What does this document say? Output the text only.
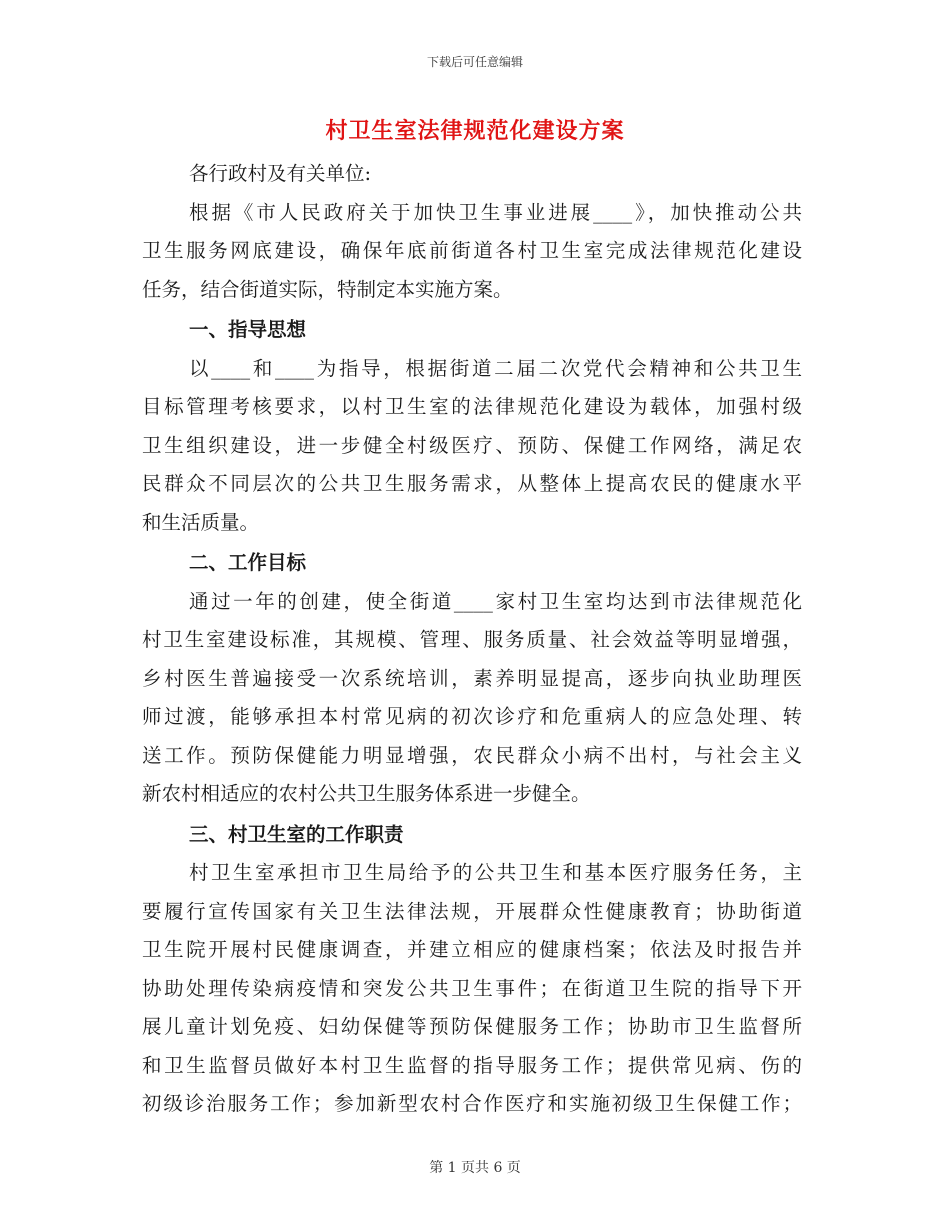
下载后可任意编辑
村卫生室法律规范化建设方案
各行政村及有关单位:
根据《市人民政府关于加快卫生事业进展____》，加快推动公共
卫生服务网底建设，确保年底前街道各村卫生室完成法律规范化建设
任务，结合街道实际，特制定本实施方案。
一、指导思想
以____和____为指导，根据街道二届二次党代会精神和公共卫生
目标管理考核要求，以村卫生室的法律规范化建设为载体，加强村级
卫生组织建设，进一步健全村级医疗、预防、保健工作网络，满足农
民群众不同层次的公共卫生服务需求，从整体上提高农民的健康水平
和生活质量。
二、工作目标
通过一年的创建，使全街道____家村卫生室均达到市法律规范化
村卫生室建设标准，其规模、管理、服务质量、社会效益等明显增强，
乡村医生普遍接受一次系统培训，素养明显提高，逐步向执业助理医
师过渡，能够承担本村常见病的初次诊疗和危重病人的应急处理、转
送工作。预防保健能力明显增强，农民群众小病不出村，与社会主义
新农村相适应的农村公共卫生服务体系进一步健全。
三、村卫生室的工作职责
村卫生室承担市卫生局给予的公共卫生和基本医疗服务任务，主
要履行宣传国家有关卫生法律法规，开展群众性健康教育；协助街道
卫生院开展村民健康调查，并建立相应的健康档案；依法及时报告并
协助处理传染病疫情和突发公共卫生事件；在街道卫生院的指导下开
展儿童计划免疫、妇幼保健等预防保健服务工作；协助市卫生监督所
和卫生监督员做好本村卫生监督的指导服务工作；提供常见病、伤的
初级诊治服务工作；参加新型农村合作医疗和实施初级卫生保健工作；
第 1 页共 6 页
